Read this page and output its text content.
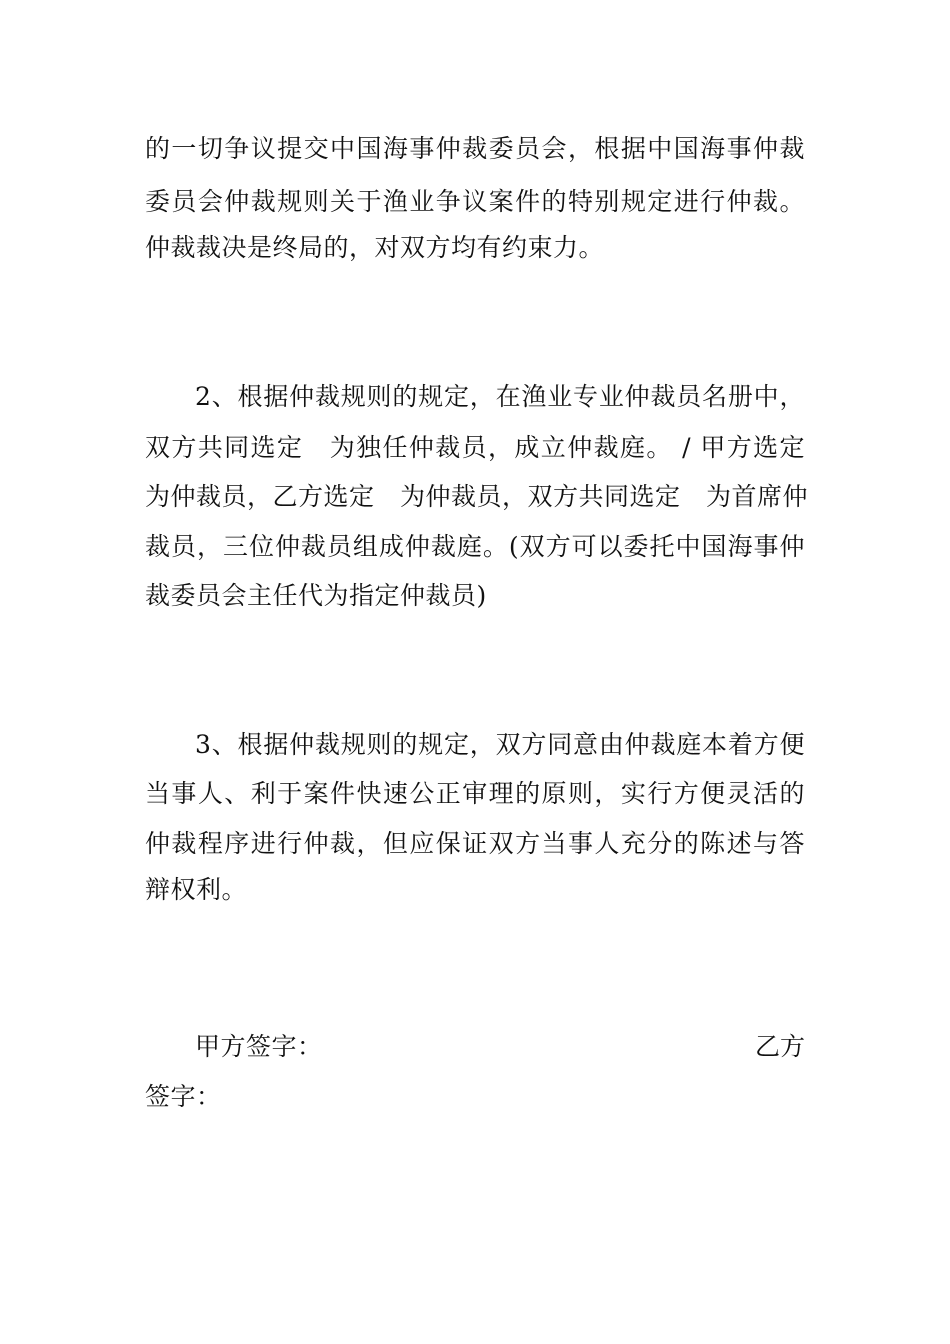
的一切争议提交中国海事仲裁委员会，根据中国海事仲裁
委员会仲裁规则关于渔业争议案件的特别规定进行仲裁。
仲裁裁决是终局的，对双方均有约束力。
2、根据仲裁规则的规定，在渔业专业仲裁员名册中，
双方共同选定　为独任仲裁员，成立仲裁庭。 / 甲方选定
为仲裁员，乙方选定　为仲裁员，双方共同选定　为首席仲
裁员，三位仲裁员组成仲裁庭。(双方可以委托中国海事仲
裁委员会主任代为指定仲裁员)
3、根据仲裁规则的规定，双方同意由仲裁庭本着方便
当事人、利于案件快速公正审理的原则，实行方便灵活的
仲裁程序进行仲裁，但应保证双方当事人充分的陈述与答
辩权利。
甲方签字：	乙方
签字：
